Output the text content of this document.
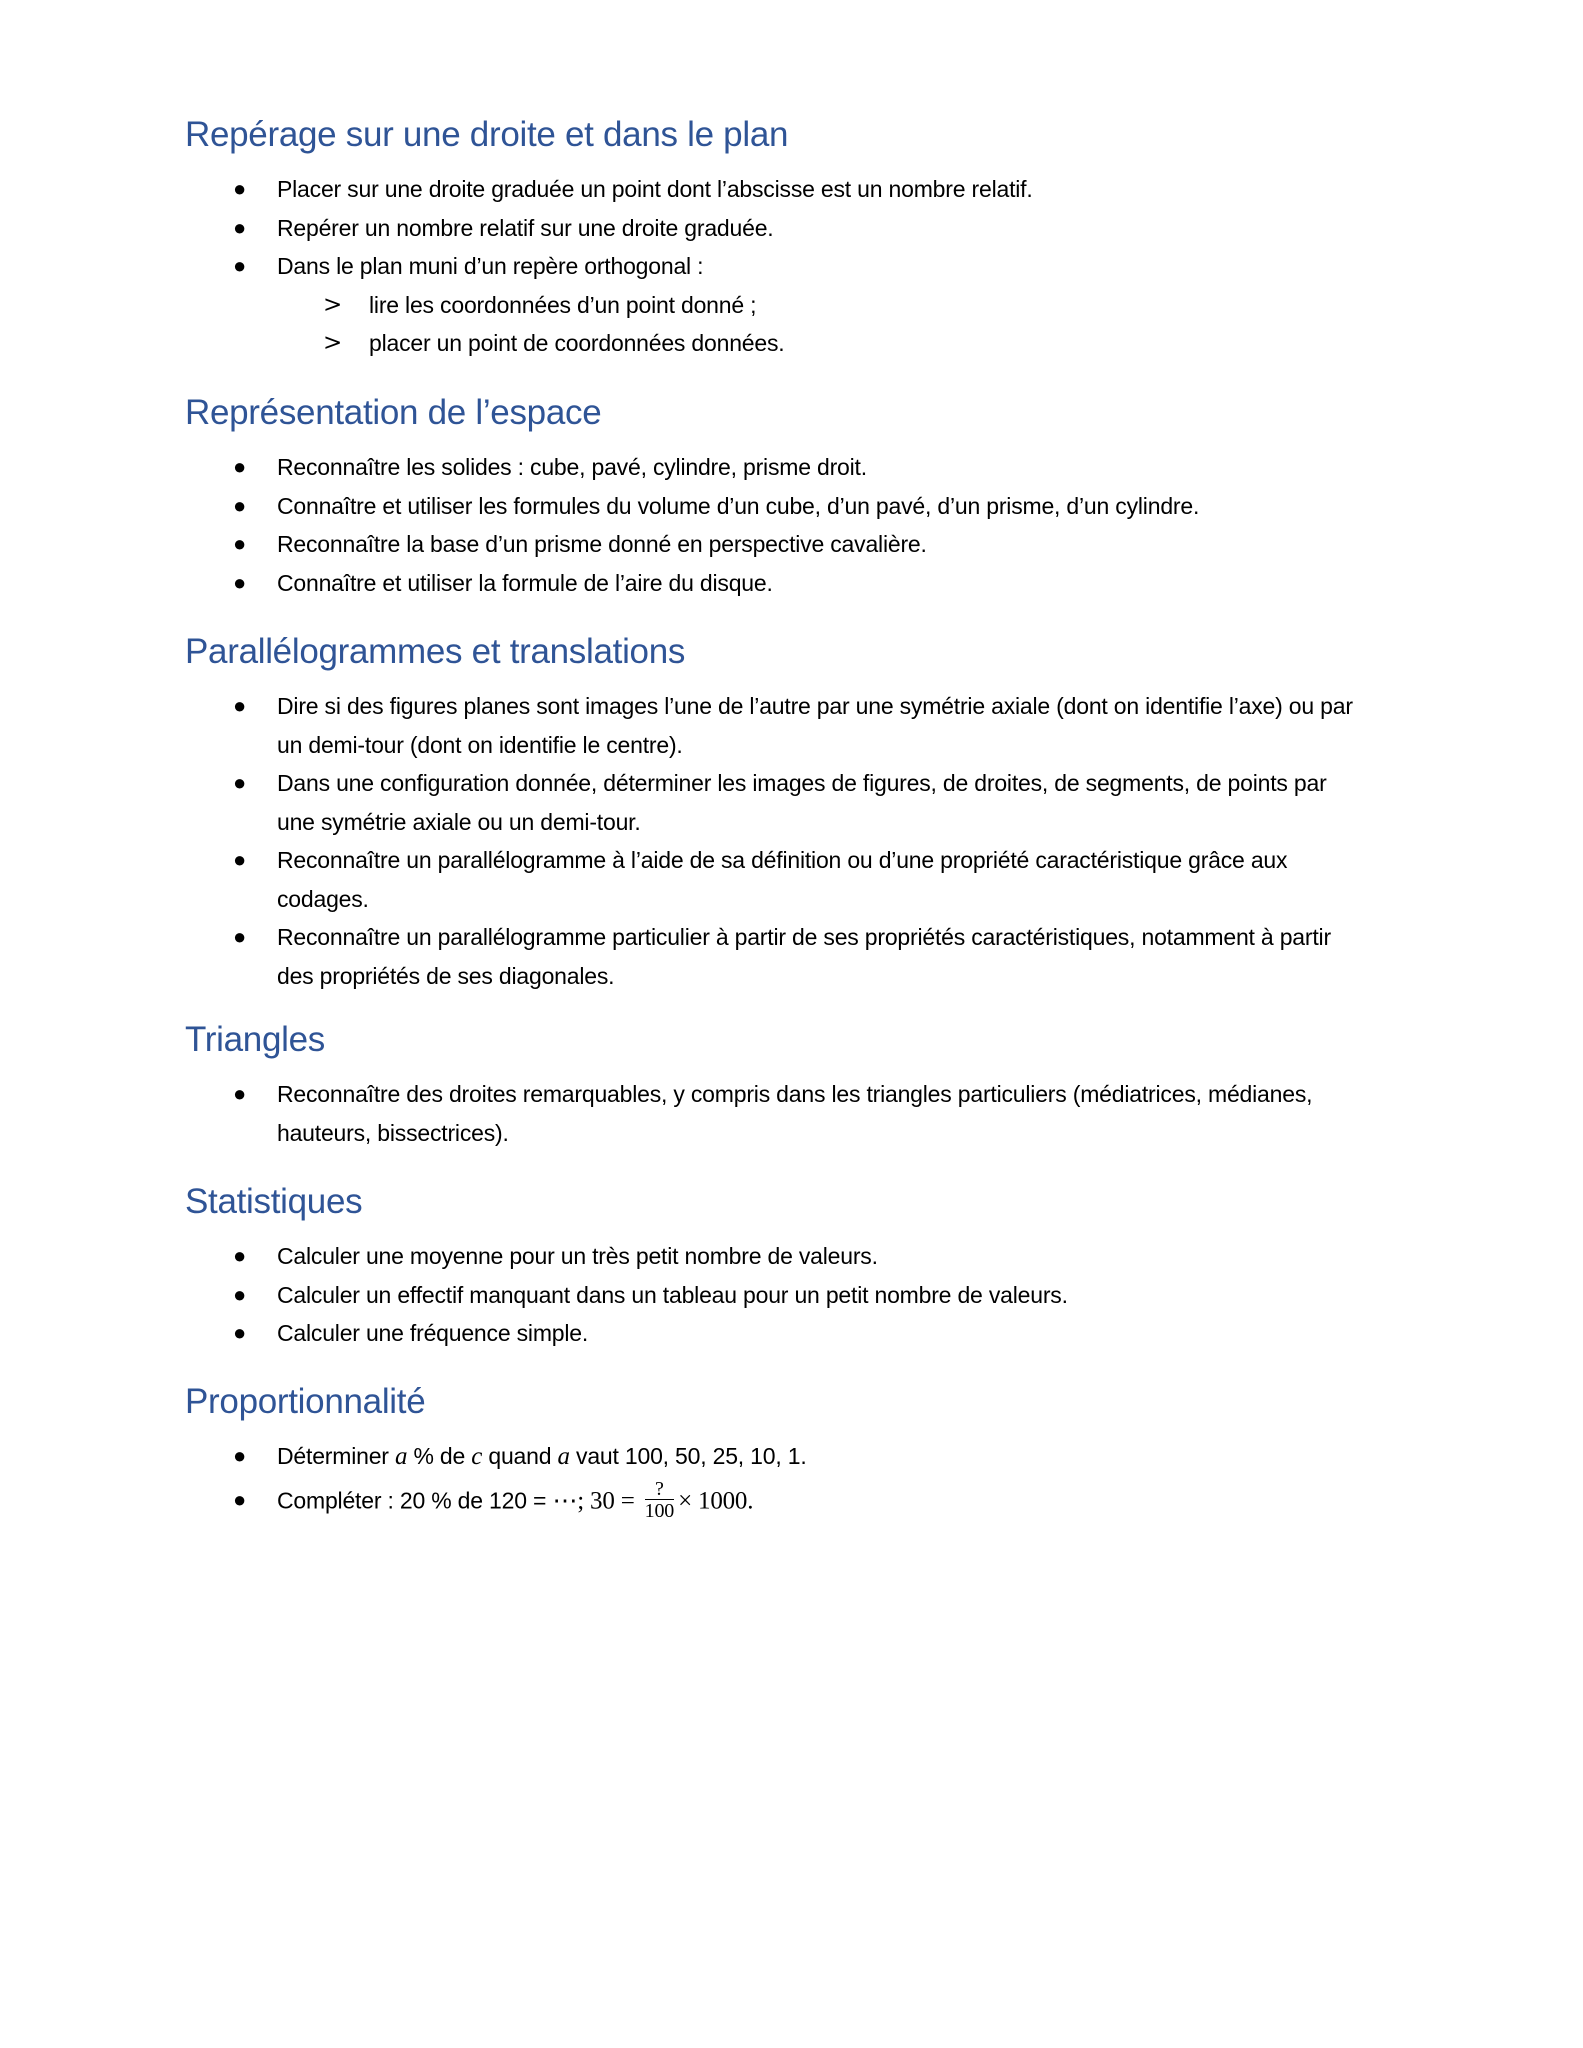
Repérage sur une droite et dans le plan
● Placer sur une droite graduée un point dont l’abscisse est un nombre relatif.
● Repérer un nombre relatif sur une droite graduée.
● Dans le plan muni d’un repère orthogonal :
> lire les coordonnées d’un point donné ;
> placer un point de coordonnées données.
Représentation de l’espace
● Reconnaître les solides : cube, pavé, cylindre, prisme droit.
● Connaître et utiliser les formules du volume d’un cube, d’un pavé, d’un prisme, d’un cylindre.
● Reconnaître la base d’un prisme donné en perspective cavalière.
● Connaître et utiliser la formule de l’aire du disque.
Parallélogrammes et translations
● Dire si des figures planes sont images l’une de l’autre par une symétrie axiale (dont on identifie l’axe) ou par un demi-tour (dont on identifie le centre).
● Dans une configuration donnée, déterminer les images de figures, de droites, de segments, de points par une symétrie axiale ou un demi-tour.
● Reconnaître un parallélogramme à l’aide de sa définition ou d’une propriété caractéristique grâce aux codages.
● Reconnaître un parallélogramme particulier à partir de ses propriétés caractéristiques, notamment à partir des propriétés de ses diagonales.
Triangles
● Reconnaître des droites remarquables, y compris dans les triangles particuliers (médiatrices, médianes, hauteurs, bissectrices).
Statistiques
● Calculer une moyenne pour un très petit nombre de valeurs.
● Calculer un effectif manquant dans un tableau pour un petit nombre de valeurs.
● Calculer une fréquence simple.
Proportionnalité
● Déterminer a % de c quand a vaut 100, 50, 25, 10, 1.
● Compléter : 20 % de 120 = ⋯; $30 = \frac{?}{100} \times 1000$.
